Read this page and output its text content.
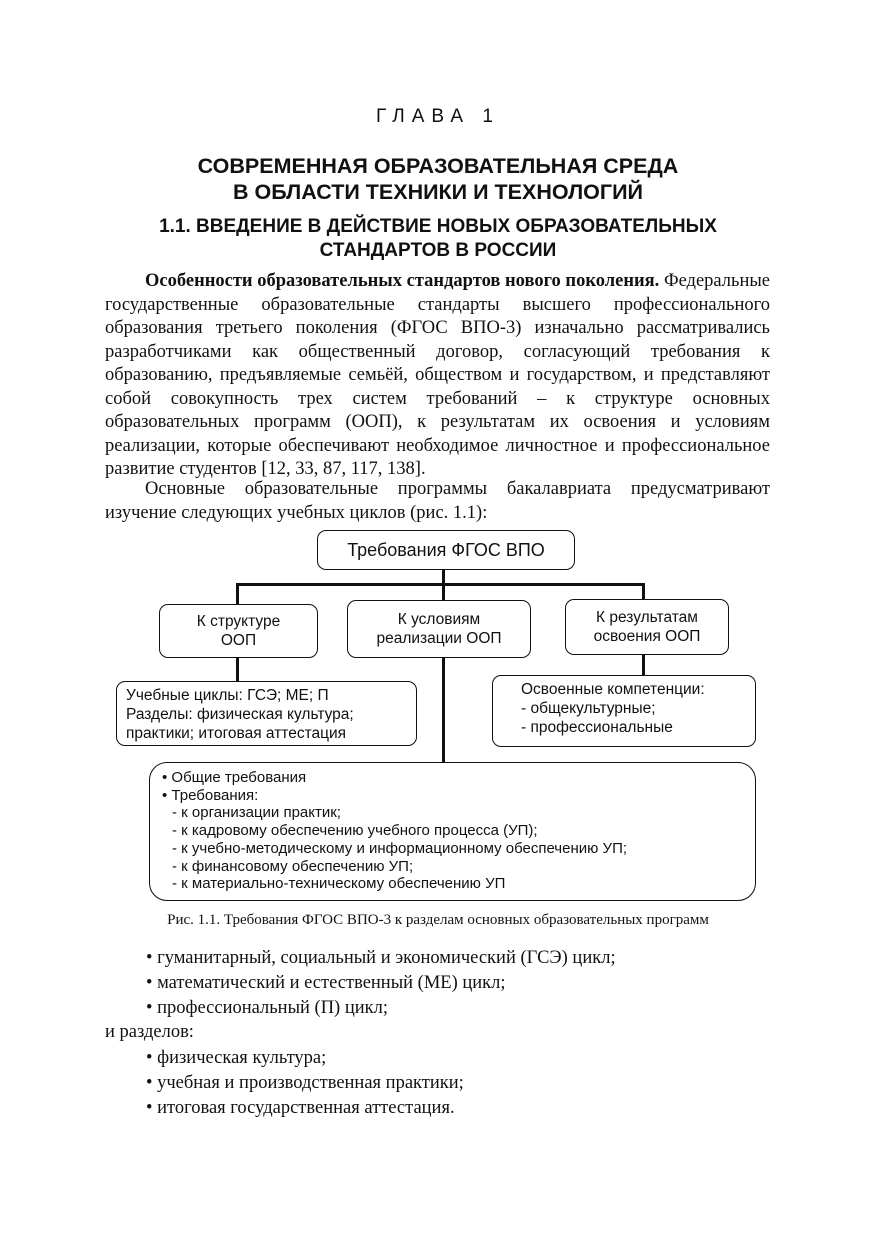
ГЛАВА 1
СОВРЕМЕННАЯ ОБРАЗОВАТЕЛЬНАЯ СРЕДА
В ОБЛАСТИ ТЕХНИКИ И ТЕХНОЛОГИЙ
1.1. ВВЕДЕНИЕ В ДЕЙСТВИЕ НОВЫХ ОБРАЗОВАТЕЛЬНЫХ
СТАНДАРТОВ В РОССИИ
Особенности образовательных стандартов нового поколения. Федеральные государственные образовательные стандарты высшего профессионального образования третьего поколения (ФГОС ВПО-3) изначально рассматривались разработчиками как общественный договор, согласующий требования к образованию, предъявляемые семьёй, обществом и государством, и представляют собой совокупность трех систем требований – к структуре основных образовательных программ (ООП), к результатам их освоения и условиям реализации, которые обеспечивают необходимое личностное и профессиональное развитие студентов [12, 33, 87, 117, 138].
Основные образовательные программы бакалавриата предусматривают изучение следующих учебных циклов (рис. 1.1):
Требования ФГОС ВПО
К структуре
ООП
К условиям
реализации ООП
К результатам
освоения ООП
Учебные циклы: ГСЭ; МЕ; П
Разделы: физическая культура;
практики; итоговая аттестация
Освоенные компетенции:
- общекультурные;
- профессиональные
• Общие требования
• Требования:
- к организации практик;
- к кадровому обеспечению учебного процесса (УП);
- к учебно-методическому и информационному обеспечению УП;
- к финансовому обеспечению УП;
- к материально-техническому обеспечению УП
Рис. 1.1. Требования ФГОС ВПО-3 к разделам основных образовательных программ
• гуманитарный, социальный и экономический (ГСЭ) цикл;
• математический и естественный (МЕ) цикл;
• профессиональный (П) цикл;
и разделов:
• физическая культура;
• учебная и производственная практики;
• итоговая государственная аттестация.
